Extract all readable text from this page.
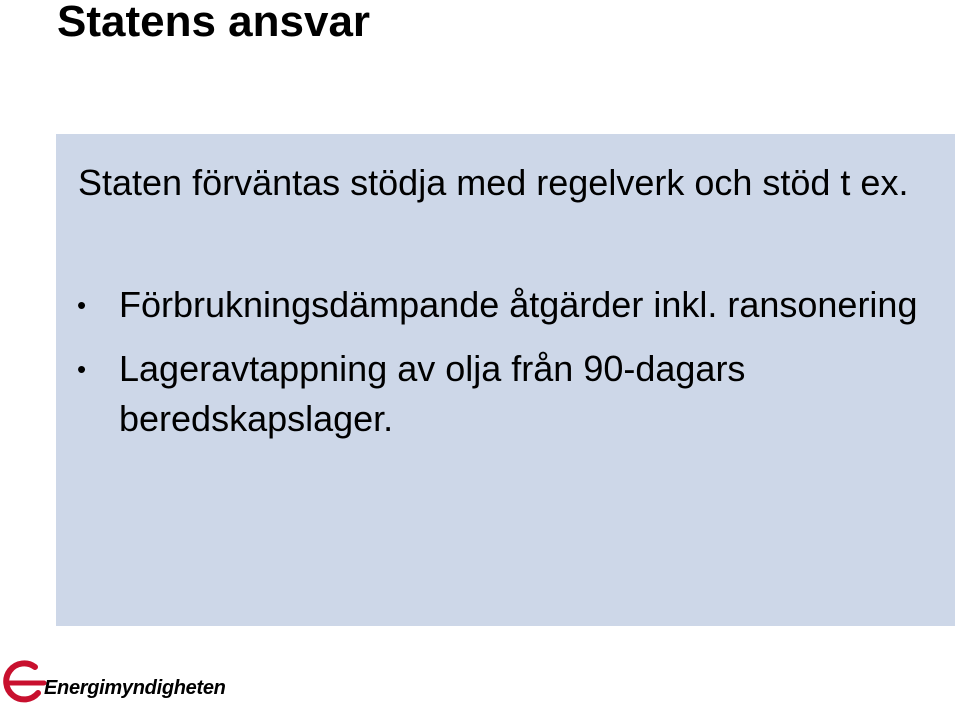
Statens ansvar

Staten förväntas stödja med regelverk och stöd t ex.

• Förbrukningsdämpande åtgärder inkl. ransonering
• Lageravtappning av olja från 90-dagars beredskapslager.
Energimyndigheten
